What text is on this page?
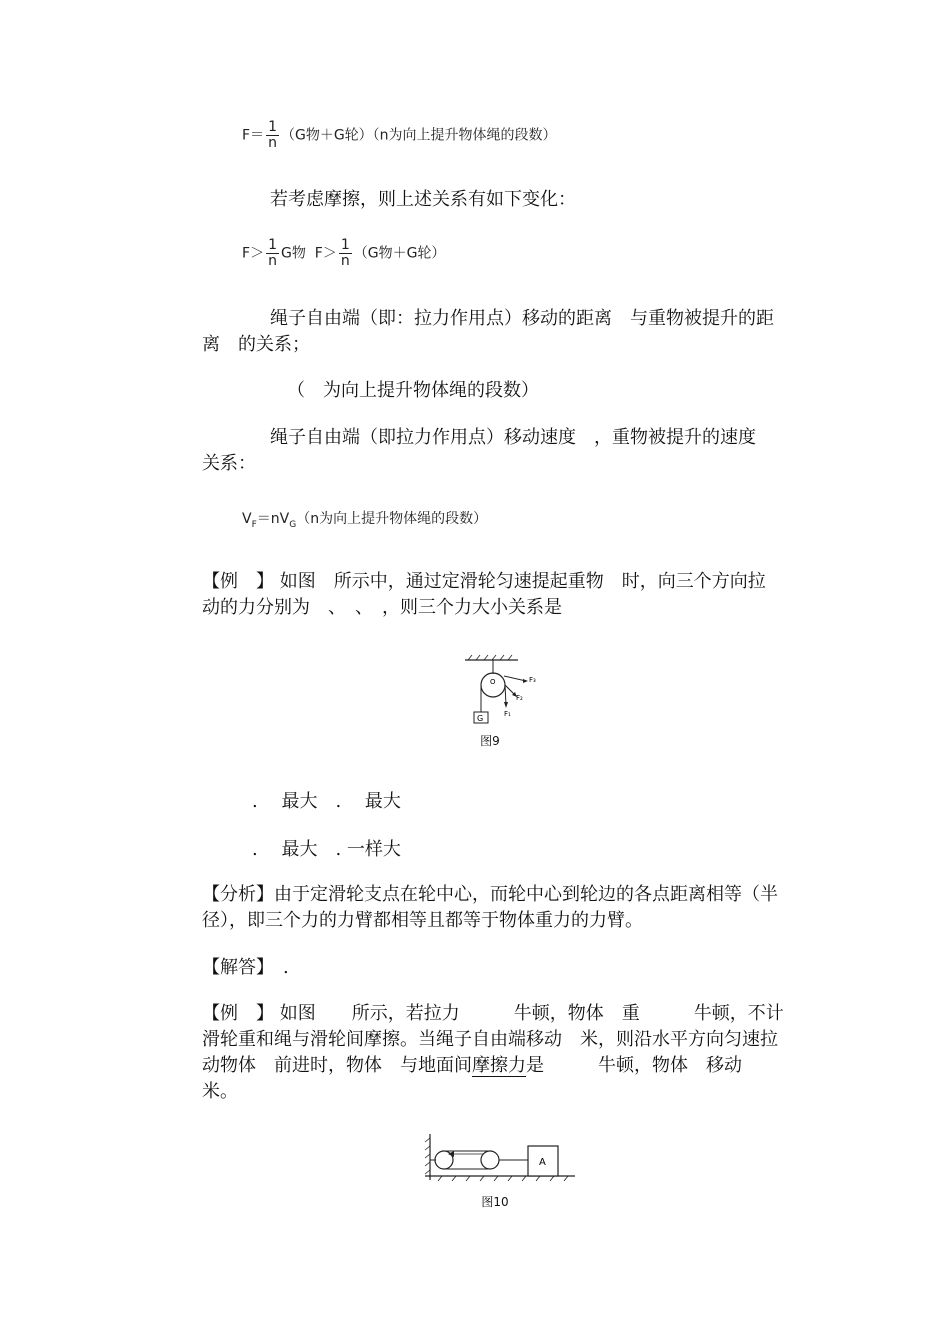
$F= \frac{1}{n} (G$物＋G轮）（n为向上提升物体绳的段数）
若考虑摩擦，则上述关系有如下变化：
$F> \frac{1}{n}$ G物 $F> \frac{1}{n} (G$物＋G轮）
绳子自由端（即：拉力作用点）移动的距离　与重物被提升的距
离　的关系；
（　为向上提升物体绳的段数）
绳子自由端（即拉力作用点）移动速度　，重物被提升的速度
关系：
$V_F=nV_G(n$为向上提升物体绳的段数）
【例　】 如图　所示中，通过定滑轮匀速提起重物　时，向三个方向拉
动的力分别为　、　、　，则三个力大小关系是
O
G	F₁
F₂
F₃
图9
.　 最大　.　 最大
.　 最大　. 一样大
【分析】由于定滑轮支点在轮中心，而轮中心到轮边的各点距离相等（半
径），即三个力的力臂都相等且都等于物体重力的力臂。
【解答】　.
【例　】 如图　　所示，若拉力　　　牛顿，物体　重　　　牛顿，不计
滑轮重和绳与滑轮间摩擦。当绳子自由端移动　米，则沿水平方向匀速拉
动物体　前进时，物体　与地面间摩擦力是　　　牛顿，物体　移动
米。
A
图10
